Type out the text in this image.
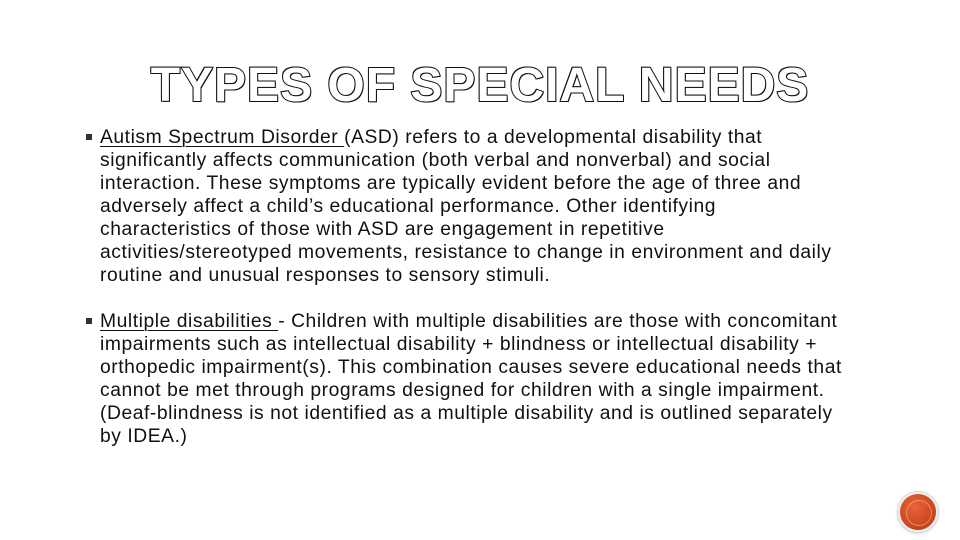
TYPES OF SPECIAL NEEDS
Autism Spectrum Disorder (ASD) refers to a developmental disability that significantly affects communication (both verbal and nonverbal) and social interaction. These symptoms are typically evident before the age of three and adversely affect a child’s educational performance. Other identifying characteristics of those with ASD are engagement in repetitive activities/stereotyped movements, resistance to change in environment and daily routine and unusual responses to sensory stimuli.
Multiple disabilities - Children with multiple disabilities are those with concomitant impairments such as intellectual disability + blindness or intellectual disability + orthopedic impairment(s). This combination causes severe educational needs that cannot be met through programs designed for children with a single impairment. (Deaf-blindness is not identified as a multiple disability and is outlined separately by IDEA.)
